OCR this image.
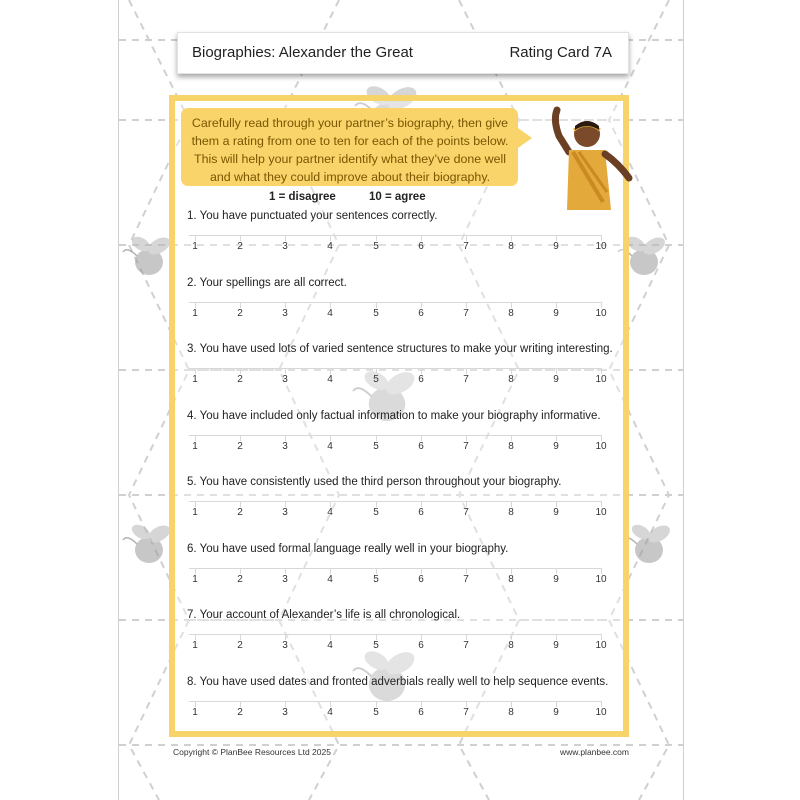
Biographies: Alexander the Great	Rating Card 7A
Carefully read through your partner’s biography, then give them a rating from one to ten for each of the points below. This will help your partner identify what they’ve done well and what they could improve about their biography.
1 = disagree	10 = agree
1. You have punctuated your sentences correctly.
1	2	3	4	5	6	7	8	9	10
2. Your spellings are all correct.
1	2	3	4	5	6	7	8	9	10
3. You have used lots of varied sentence structures to make your writing interesting.
1	2	3	4	5	6	7	8	9	10
4. You have included only factual information to make your biography informative.
1	2	3	4	5	6	7	8	9	10
5. You have consistently used the third person throughout your biography.
1	2	3	4	5	6	7	8	9	10
6. You have used formal language really well in your biography.
1	2	3	4	5	6	7	8	9	10
7. Your account of Alexander’s life is all chronological.
1	2	3	4	5	6	7	8	9	10
8. You have used dates and fronted adverbials really well to help sequence events.
1	2	3	4	5	6	7	8	9	10
Copyright © PlanBee Resources Ltd 2025	www.planbee.com
